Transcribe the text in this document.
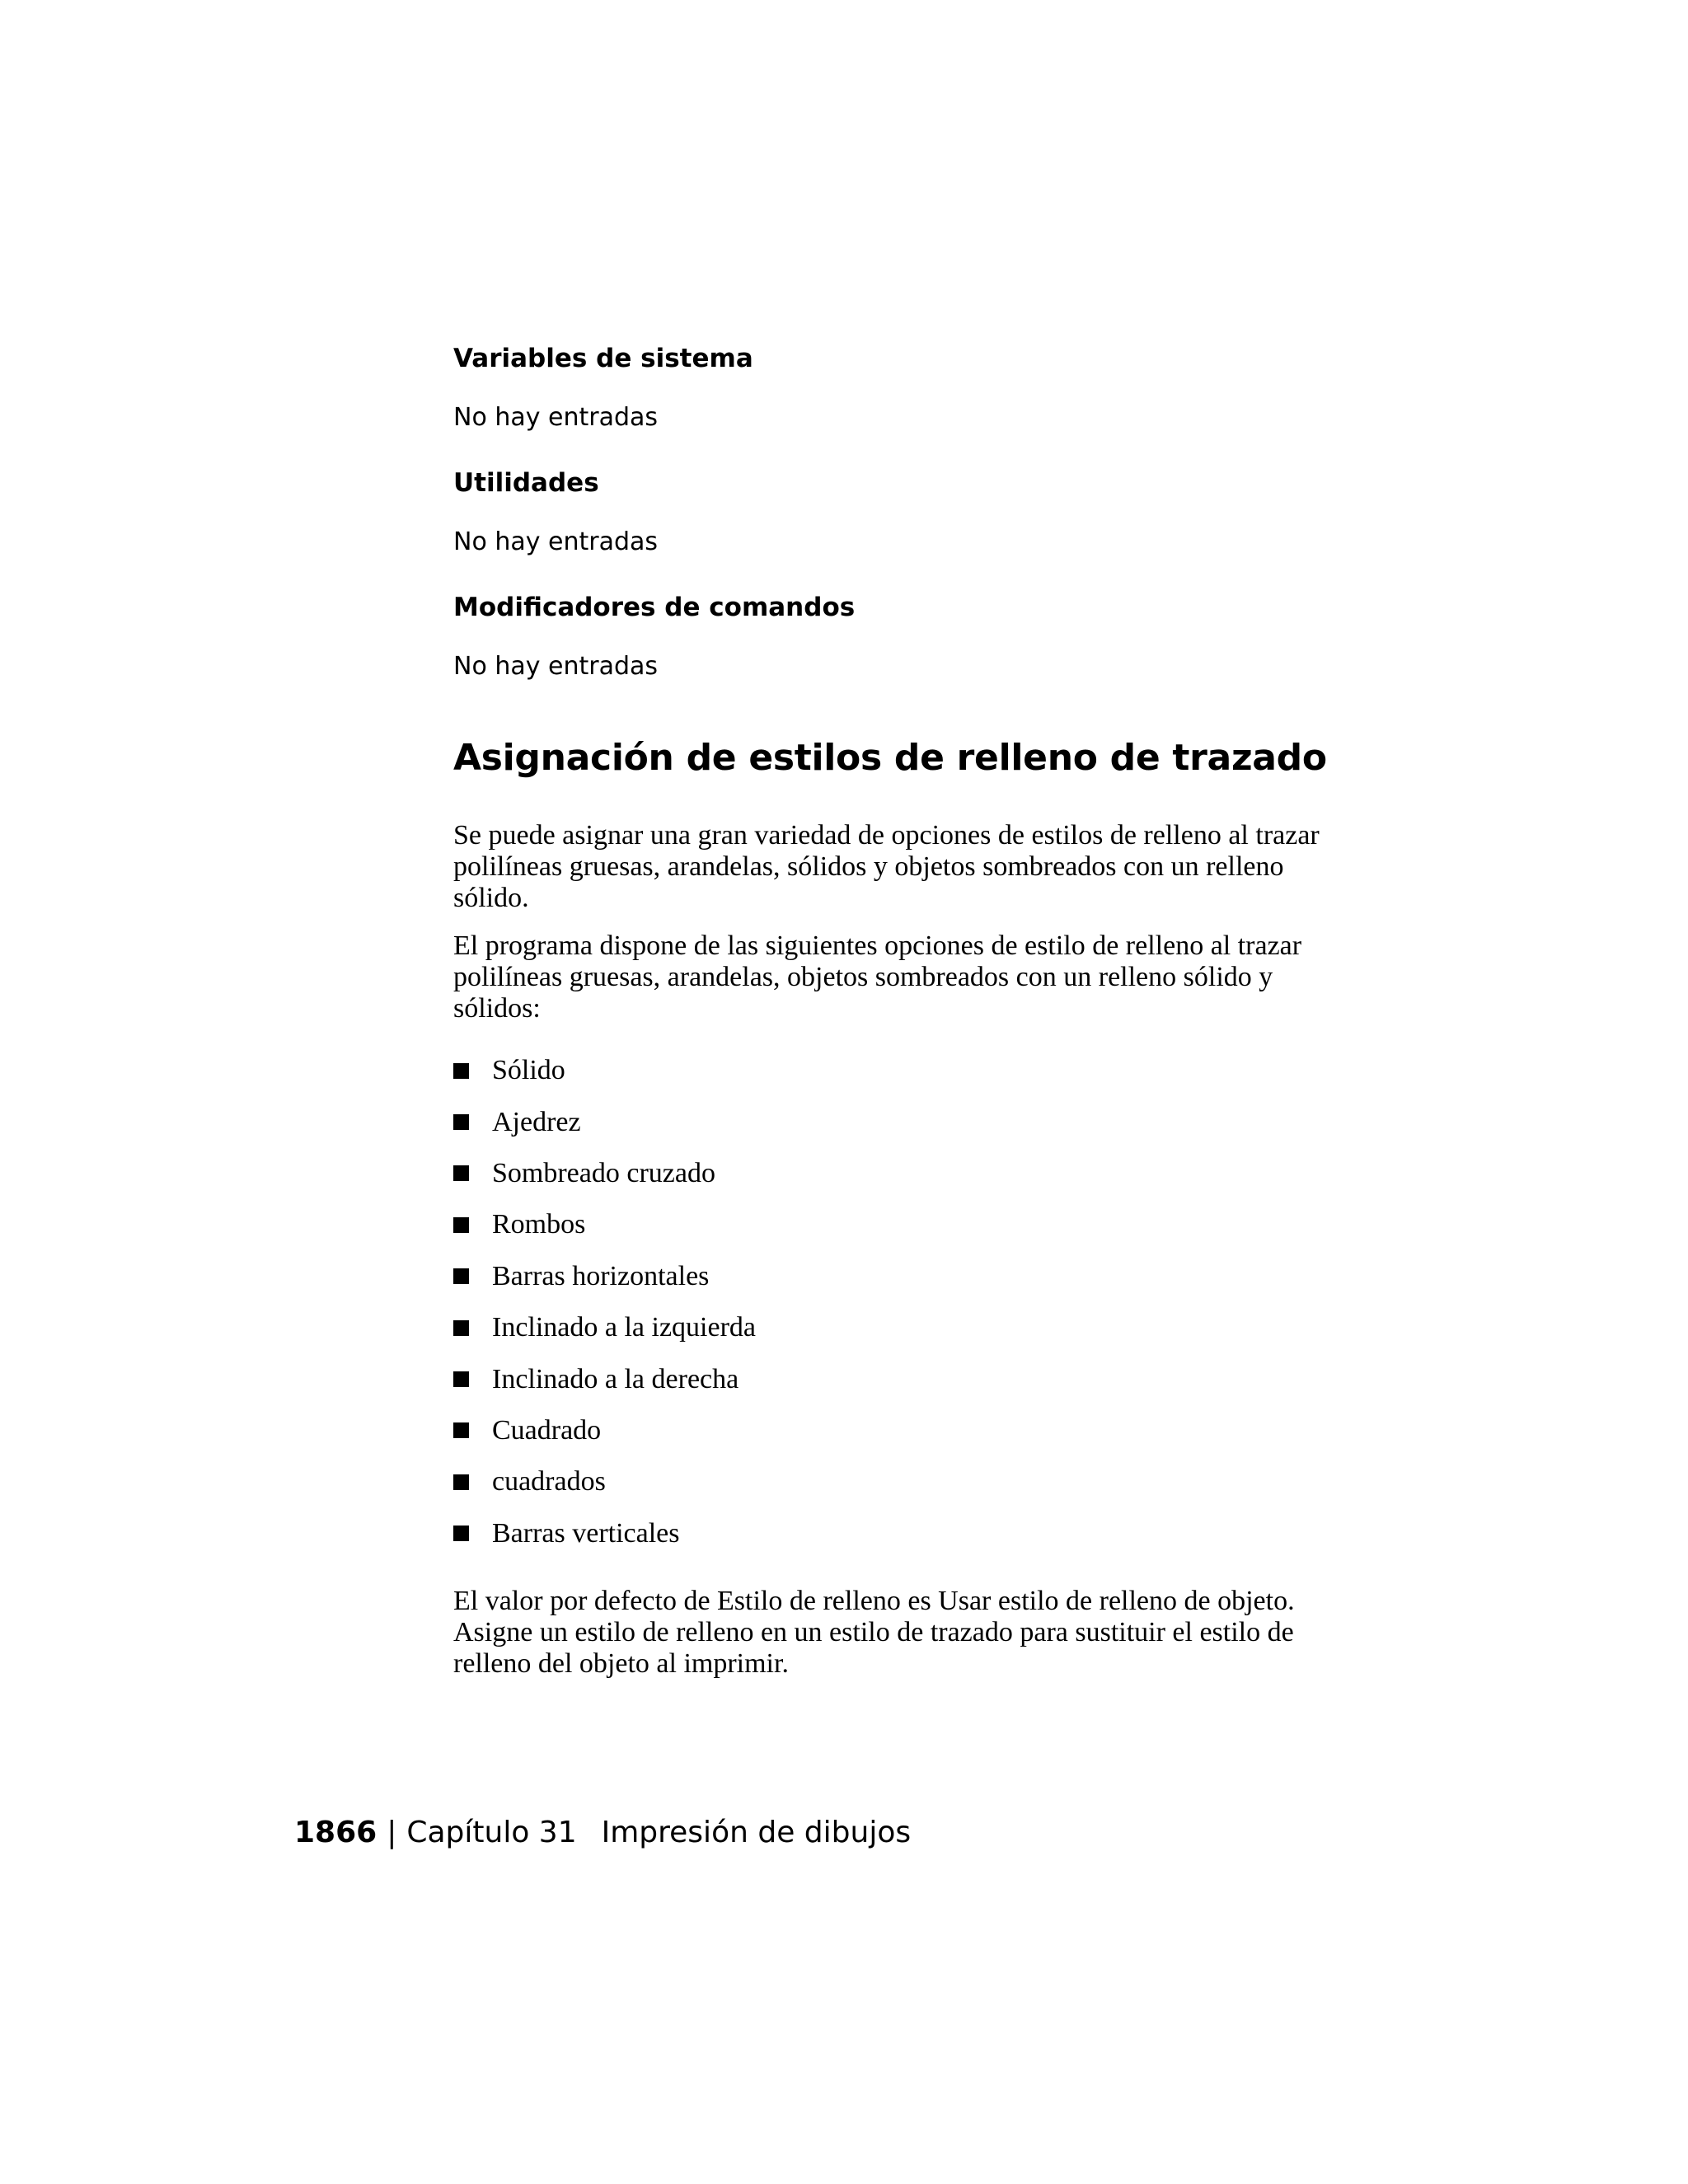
Variables de sistema

No hay entradas

Utilidades

No hay entradas

Modificadores de comandos

No hay entradas

Asignación de estilos de relleno de trazado

Se puede asignar una gran variedad de opciones de estilos de relleno al trazar polilíneas gruesas, arandelas, sólidos y objetos sombreados con un relleno sólido.

El programa dispone de las siguientes opciones de estilo de relleno al trazar polilíneas gruesas, arandelas, objetos sombreados con un relleno sólido y sólidos:

Sólido
Ajedrez
Sombreado cruzado
Rombos
Barras horizontales
Inclinado a la izquierda
Inclinado a la derecha
Cuadrado
cuadrados
Barras verticales

El valor por defecto de Estilo de relleno es Usar estilo de relleno de objeto. Asigne un estilo de relleno en un estilo de trazado para sustituir el estilo de relleno del objeto al imprimir.

1866 | Capítulo 31 Impresión de dibujos
